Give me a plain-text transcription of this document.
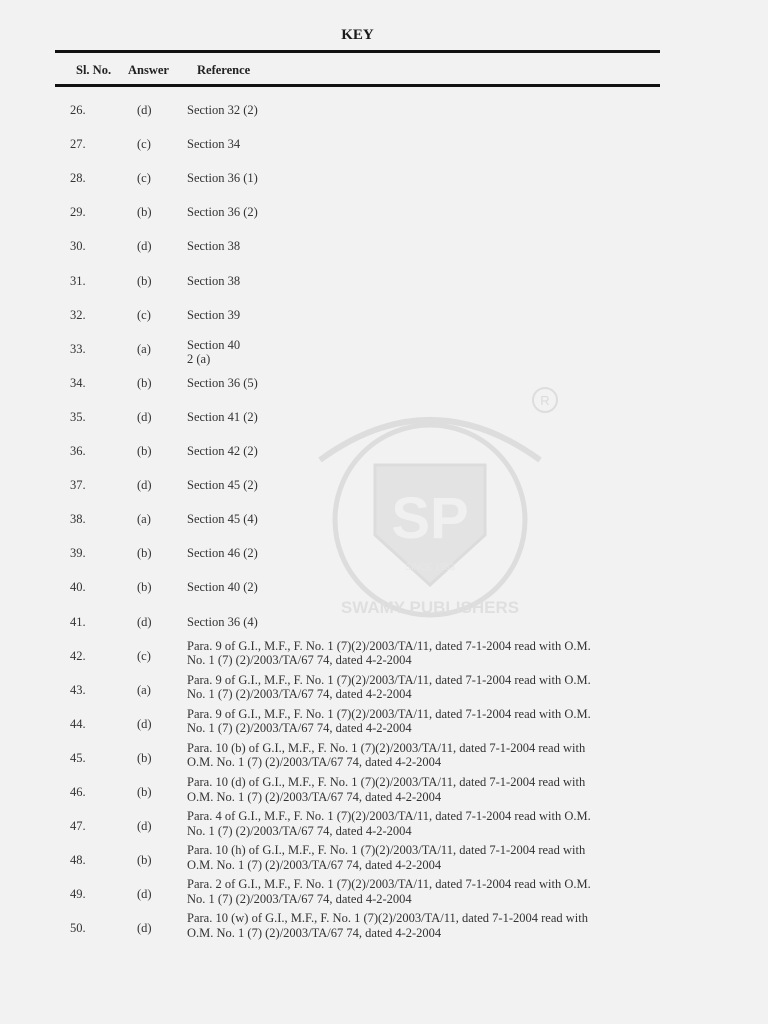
R
SP
SWAMY PUBLISHERS
SINCE 1953
KEY
Sl. No. Answer Reference
26.	(d)	Section 32 (2)
27.	(c)	Section 34
28.	(c)	Section 36 (1)
29.	(b)	Section 36 (2)
30.	(d)	Section 38
31.	(b)	Section 38
32.	(c)	Section 39
33.	(a)	Section 40
2 (a)
34.	(b)	Section 36 (5)
35.	(d)	Section 41 (2)
36.	(b)	Section 42 (2)
37.	(d)	Section 45 (2)
38.	(a)	Section 45 (4)
39.	(b)	Section 46 (2)
40.	(b)	Section 40 (2)
41.	(d)	Section 36 (4)
42.	(c)
Para. 9 of G.I., M.F., F. No. 1 (7)(2)/2003/TA/11, dated 7-1-2004 read with O.M.
No. 1 (7) (2)/2003/TA/67 74, dated 4-2-2004
43.	(a)
Para. 9 of G.I., M.F., F. No. 1 (7)(2)/2003/TA/11, dated 7-1-2004 read with O.M.
No. 1 (7) (2)/2003/TA/67 74, dated 4-2-2004
44.	(d)
Para. 9 of G.I., M.F., F. No. 1 (7)(2)/2003/TA/11, dated 7-1-2004 read with O.M.
No. 1 (7) (2)/2003/TA/67 74, dated 4-2-2004
45.	(b)
Para. 10 (b) of G.I., M.F., F. No. 1 (7)(2)/2003/TA/11, dated 7-1-2004 read with
O.M. No. 1 (7) (2)/2003/TA/67 74, dated 4-2-2004
46.	(b)
Para. 10 (d) of G.I., M.F., F. No. 1 (7)(2)/2003/TA/11, dated 7-1-2004 read with
O.M. No. 1 (7) (2)/2003/TA/67 74, dated 4-2-2004
47.	(d)
Para. 4 of G.I., M.F., F. No. 1 (7)(2)/2003/TA/11, dated 7-1-2004 read with O.M.
No. 1 (7) (2)/2003/TA/67 74, dated 4-2-2004
48.	(b)
Para. 10 (h) of G.I., M.F., F. No. 1 (7)(2)/2003/TA/11, dated 7-1-2004 read with
O.M. No. 1 (7) (2)/2003/TA/67 74, dated 4-2-2004
49.	(d)
Para. 2 of G.I., M.F., F. No. 1 (7)(2)/2003/TA/11, dated 7-1-2004 read with O.M.
No. 1 (7) (2)/2003/TA/67 74, dated 4-2-2004
50.	(d)
Para. 10 (w) of G.I., M.F., F. No. 1 (7)(2)/2003/TA/11, dated 7-1-2004 read with
O.M. No. 1 (7) (2)/2003/TA/67 74, dated 4-2-2004
